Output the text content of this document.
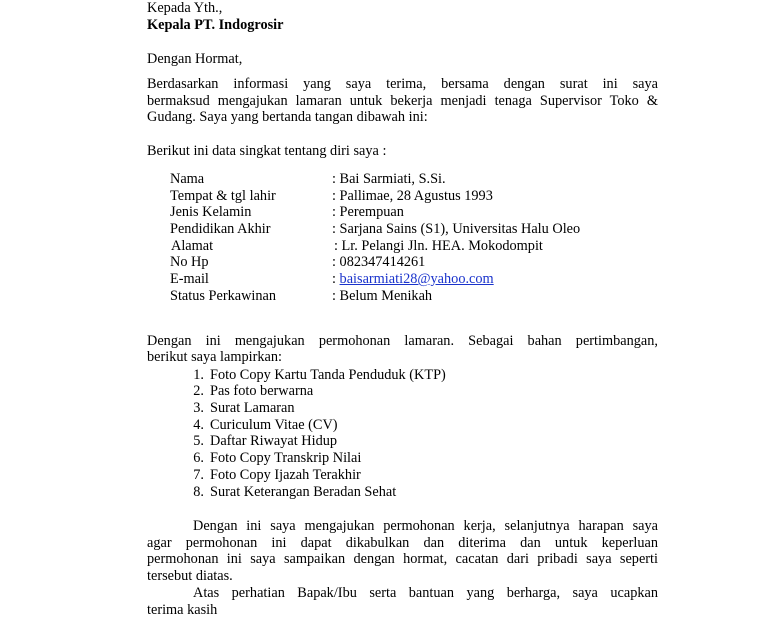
Kepada Yth.,
Kepala PT. Indogrosir
Dengan Hormat,
Berdasarkan informasi yang saya terima, bersama dengan surat ini saya
bermaksud mengajukan lamaran untuk bekerja menjadi tenaga Supervisor Toko &
Gudang. Saya yang bertanda tangan dibawah ini:
Berikut ini data singkat tentang diri saya :
Nama	: Bai Sarmiati, S.Si.
Tempat & tgl lahir	: Pallimae, 28 Agustus 1993
Jenis Kelamin	: Perempuan
Pendidikan Akhir	: Sarjana Sains (S1), Universitas Halu Oleo
Alamat	: Lr. Pelangi Jln. HEA. Mokodompit
No Hp	: 082347414261
E-mail	: baisarmiati28@yahoo.com
Status Perkawinan	: Belum Menikah
Dengan ini mengajukan permohonan lamaran. Sebagai bahan pertimbangan,
berikut saya lampirkan:
1. Foto Copy Kartu Tanda Penduduk (KTP)
2. Pas foto berwarna
3. Surat Lamaran
4. Curiculum Vitae (CV)
5. Daftar Riwayat Hidup
6. Foto Copy Transkrip Nilai
7. Foto Copy Ijazah Terakhir
8. Surat Keterangan Beradan Sehat
Dengan ini saya mengajukan permohonan kerja, selanjutnya harapan saya
agar permohonan ini dapat dikabulkan dan diterima dan untuk keperluan
permohonan ini saya sampaikan dengan hormat, cacatan dari pribadi saya seperti
tersebut diatas.
Atas perhatian Bapak/Ibu serta bantuan yang berharga, saya ucapkan
terima kasih
